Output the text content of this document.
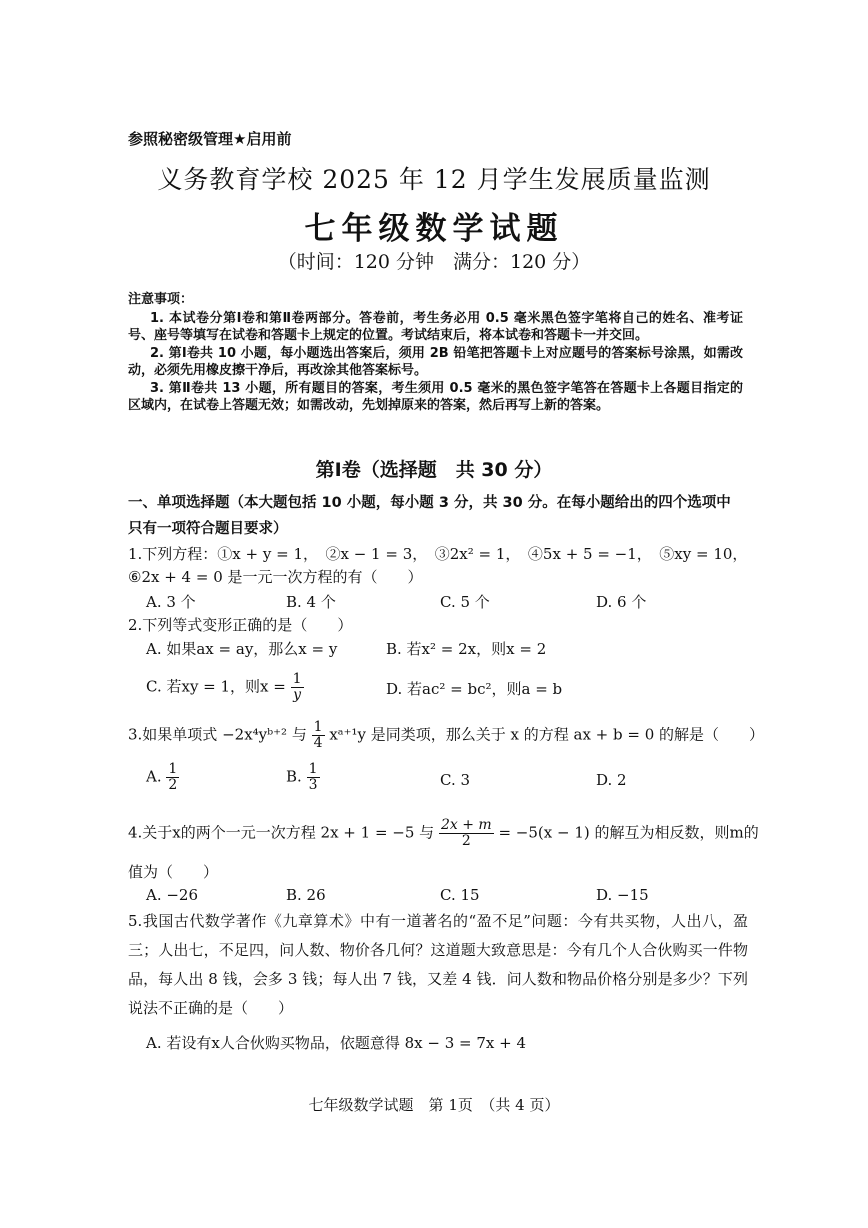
参照秘密级管理★启用前
义务教育学校 2025 年 12 月学生发展质量监测
七年级数学试题
（时间：120 分钟　满分：120 分）
注意事项：

1. 本试卷分第Ⅰ卷和第Ⅱ卷两部分。答卷前，考生务必用 0.5 毫米黑色签字笔将自己的姓名、准考证号、座号等填写在试卷和答题卡上规定的位置。考试结束后，将本试卷和答题卡一并交回。

2. 第Ⅰ卷共 10 小题，每小题选出答案后，须用 2B 铅笔把答题卡上对应题号的答案标号涂黑，如需改动，必须先用橡皮擦干净后，再改涂其他答案标号。

3. 第Ⅱ卷共 13 小题，所有题目的答案，考生须用 0.5 毫米的黑色签字笔答在答题卡上各题目指定的区域内，在试卷上答题无效；如需改动，先划掉原来的答案，然后再写上新的答案。

第Ⅰ卷（选择题　共 30 分）
一、单项选择题（本大题包括 10 小题，每小题 3 分，共 30 分。在每小题给出的四个选项中只有一项符合题目要求）
1.下列方程：①x + y = 1，　②x − 1 = 3，　③2x² = 1，　④5x + 5 = −1，　⑤xy = 10，
⑥2x + 4 = 0 是一元一次方程的有（　　）
A. 3 个	B. 4 个	C. 5 个	D. 6 个
2.下列等式变形正确的是（　　）
A. 如果ax = ay，那么x = y	B. 若x² = 2x，则x = 2
C. 若xy = 1，则$x = \frac{1}{y}$	D. 若ac² = bc²，则a = b
3.如果单项式 −2x⁴yᵇ⁺² 与 $\frac{1}{4}$ xᵃ⁺¹y 是同类项，那么关于 x 的方程 ax + b = 0 的解是（　　）
A. $\frac{1}{2}$	B. $\frac{1}{3}$	C. 3	D. 2
4.关于x的两个一元一次方程 2x + 1 = −5 与 $\frac{2x + m}{2} = -5(x - 1)$ 的解互为相反数，则m的
值为（　　）
A. −26	B. 26	C. 15	D. −15
5.我国古代数学著作《九章算术》中有一道著名的“盈不足”问题：今有共买物，人出八，盈三；人出七，不足四，问人数、物价各几何？这道题大致意思是：今有几个人合伙购买一件物品，每人出 8 钱，会多 3 钱；每人出 7 钱，又差 4 钱．问人数和物品价格分别是多少？下列说法不正确的是（　　）
A. 若设有x人合伙购买物品，依题意得 8x − 3 = 7x + 4
七年级数学试题　第 1页　（共 4 页）
